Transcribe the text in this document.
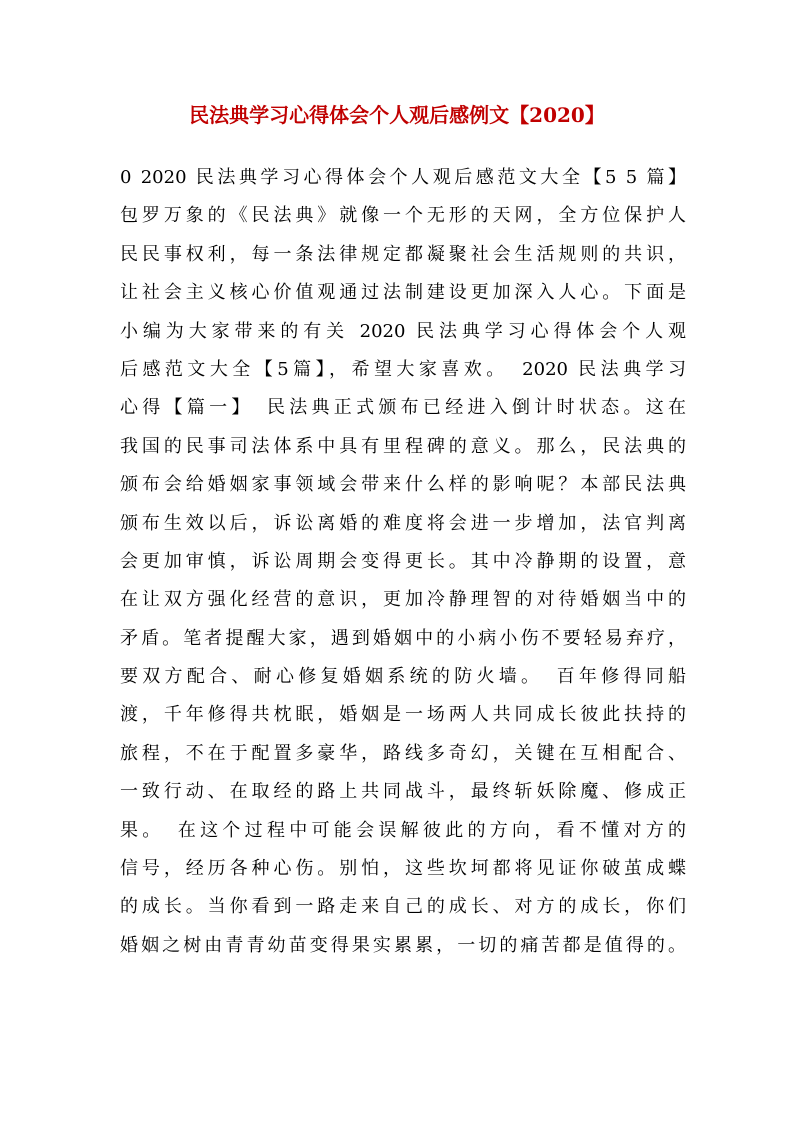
民法典学习心得体会个人观后感例文【2020】
0 2020 民法典学习心得体会个人观后感范文大全【5 5 篇】
包罗万象的《民法典》就像一个无形的天网，全方位保护人
民民事权利，每一条法律规定都凝聚社会生活规则的共识，
让社会主义核心价值观通过法制建设更加深入人心。下面是
小编为大家带来的有关 2020 民法典学习心得体会个人观
后感范文大全【5篇】，希望大家喜欢。　2020 民法典学习
心得【篇一】　民法典正式颁布已经进入倒计时状态。这在
我国的民事司法体系中具有里程碑的意义。那么，民法典的
颁布会给婚姻家事领域会带来什么样的影响呢？本部民法典
颁布生效以后，诉讼离婚的难度将会进一步增加，法官判离
会更加审慎，诉讼周期会变得更长。其中冷静期的设置，意
在让双方强化经营的意识，更加冷静理智的对待婚姻当中的
矛盾。笔者提醒大家，遇到婚姻中的小病小伤不要轻易弃疗，
要双方配合、耐心修复婚姻系统的防火墙。　百年修得同船
渡，千年修得共枕眠，婚姻是一场两人共同成长彼此扶持的
旅程，不在于配置多豪华，路线多奇幻，关键在互相配合、
一致行动、在取经的路上共同战斗，最终斩妖除魔、修成正
果。　在这个过程中可能会误解彼此的方向，看不懂对方的
信号，经历各种心伤。别怕，这些坎坷都将见证你破茧成蝶
的成长。当你看到一路走来自己的成长、对方的成长，你们
婚姻之树由青青幼苗变得果实累累，一切的痛苦都是值得的。
